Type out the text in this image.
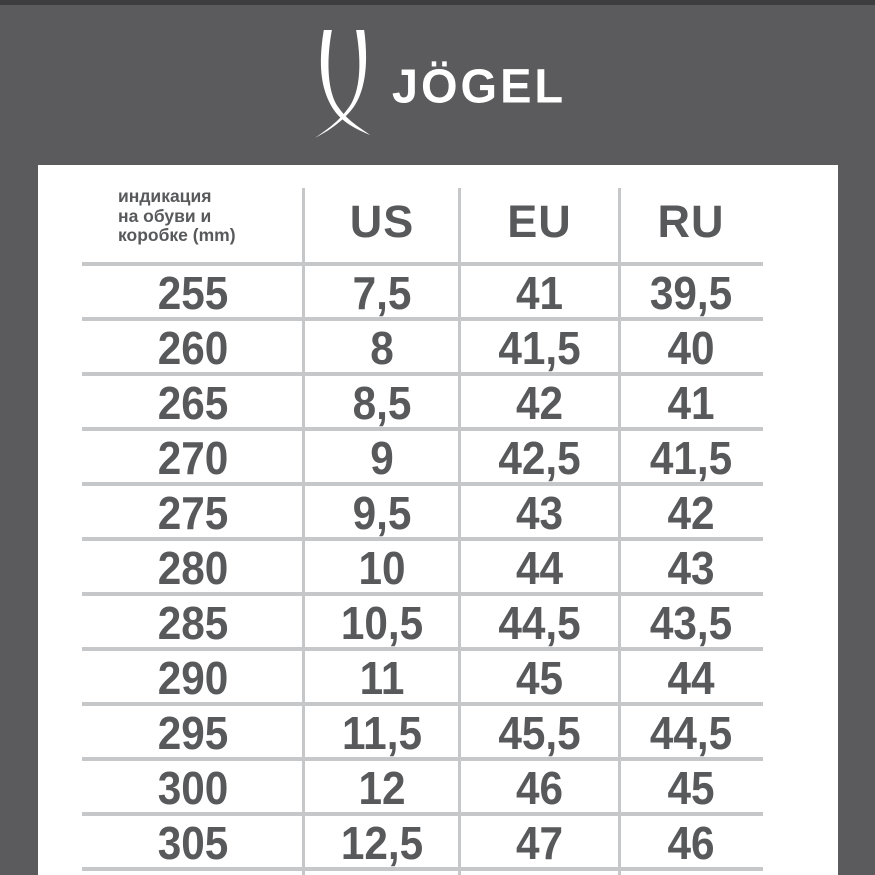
JÖGEL
индикация
на обуви и
коробке (mm)	US	EU	RU
255	7,5	41	39,5
260	8	41,5	40
265	8,5	42	41
270	9	42,5	41,5
275	9,5	43	42
280	10	44	43
285	10,5	44,5	43,5
290	11	45	44
295	11,5	45,5	44,5
300	12	46	45
305	12,5	47	46
